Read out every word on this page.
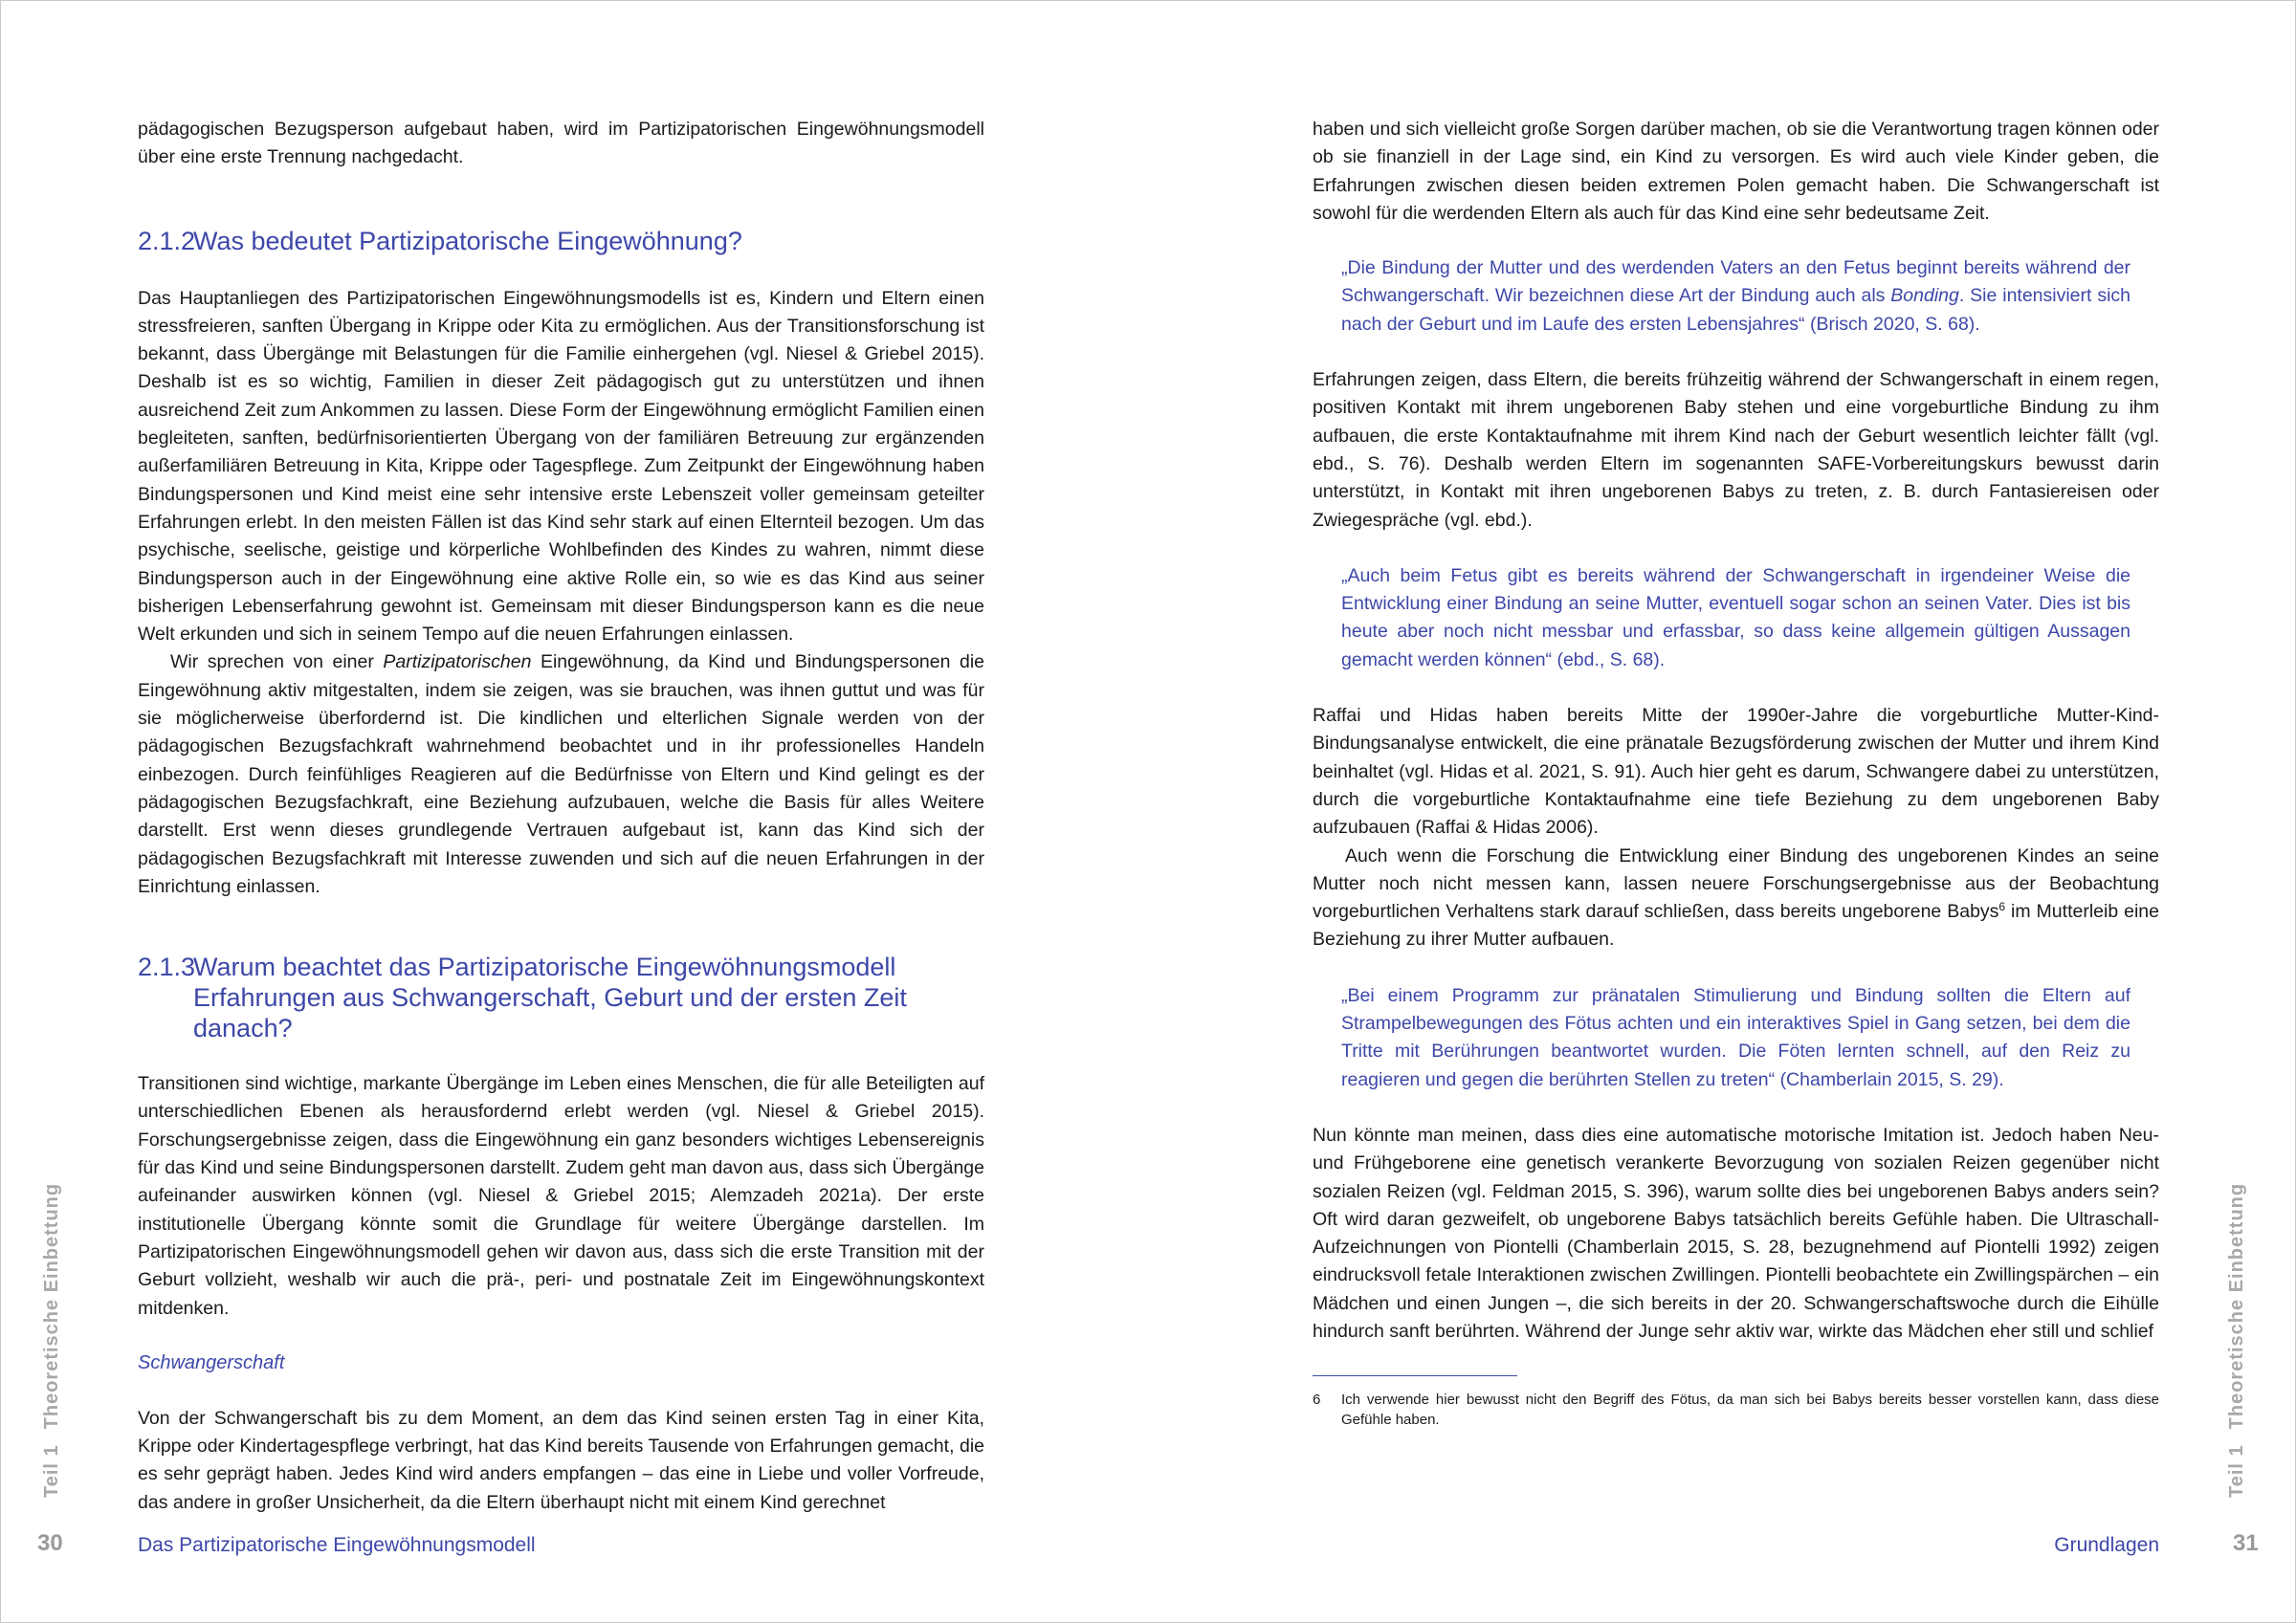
pädagogischen Bezugsperson aufgebaut haben, wird im Partizipatorischen Eingewöhnungsmodell über eine erste Trennung nachgedacht.

2.1.2Was bedeutet Partizipatorische Eingewöhnung?

Das Hauptanliegen des Partizipatorischen Eingewöhnungsmodells ist es, Kindern und Eltern einen stressfreieren, sanften Übergang in Krippe oder Kita zu ermöglichen. Aus der Transitionsforschung ist bekannt, dass Übergänge mit Belastungen für die Familie einhergehen (vgl. Niesel & Griebel 2015). Deshalb ist es so wichtig, Familien in dieser Zeit pädagogisch gut zu unterstützen und ihnen ausreichend Zeit zum Ankommen zu lassen. Diese Form der Eingewöhnung ermöglicht Familien einen begleiteten, sanften, bedürfnisorientierten Übergang von der familiären Betreuung zur ergänzenden außerfamiliären Betreuung in Kita, Krippe oder Tagespflege. Zum Zeitpunkt der Eingewöhnung haben Bindungspersonen und Kind meist eine sehr intensive erste Lebenszeit voller gemeinsam geteilter Erfahrungen erlebt. In den meisten Fällen ist das Kind sehr stark auf einen Elternteil bezogen. Um das psychische, seelische, geistige und körperliche Wohlbefinden des Kindes zu wahren, nimmt diese Bindungsperson auch in der Eingewöhnung eine aktive Rolle ein, so wie es das Kind aus seiner bisherigen Lebenserfahrung gewohnt ist. Gemeinsam mit dieser Bindungsperson kann es die neue Welt erkunden und sich in seinem Tempo auf die neuen Erfahrungen einlassen.

Wir sprechen von einer Partizipatorischen Eingewöhnung, da Kind und Bindungspersonen die Eingewöhnung aktiv mitgestalten, indem sie zeigen, was sie brauchen, was ihnen guttut und was für sie möglicherweise überfordernd ist. Die kindlichen und elterlichen Signale werden von der pädagogischen Bezugsfachkraft wahrnehmend beobachtet und in ihr professionelles Handeln einbezogen. Durch feinfühliges Reagieren auf die Bedürfnisse von Eltern und Kind gelingt es der pädagogischen Bezugsfachkraft, eine Beziehung aufzubauen, welche die Basis für alles Weitere darstellt. Erst wenn dieses grundlegende Vertrauen aufgebaut ist, kann das Kind sich der pädagogischen Bezugsfachkraft mit Interesse zuwenden und sich auf die neuen Erfahrungen in der Einrichtung einlassen.

2.1.3Warum beachtet das Partizipatorische Eingewöhnungsmodell
Erfahrungen aus Schwangerschaft, Geburt und der ersten Zeit danach?

Transitionen sind wichtige, markante Übergänge im Leben eines Menschen, die für alle Beteiligten auf unterschiedlichen Ebenen als herausfordernd erlebt werden (vgl. Niesel & Griebel 2015). Forschungsergebnisse zeigen, dass die Eingewöhnung ein ganz besonders wichtiges Lebensereignis für das Kind und seine Bindungspersonen darstellt. Zudem geht man davon aus, dass sich Übergänge aufeinander auswirken können (vgl. Niesel & Griebel 2015; Alemzadeh 2021a). Der erste institutionelle Übergang könnte somit die Grundlage für weitere Übergänge darstellen. Im Partizipatorischen Eingewöhnungsmodell gehen wir davon aus, dass sich die erste Transition mit der Geburt vollzieht, weshalb wir auch die prä-, peri- und postnatale Zeit im Eingewöhnungskontext mitdenken.

Schwangerschaft

Von der Schwangerschaft bis zu dem Moment, an dem das Kind seinen ersten Tag in einer Kita, Krippe oder Kindertagespflege verbringt, hat das Kind bereits Tausende von Erfahrungen gemacht, die es sehr geprägt haben. Jedes Kind wird anders empfangen – das eine in Liebe und voller Vorfreude, das andere in großer Unsicherheit, da die Eltern überhaupt nicht mit einem Kind gerechnet

Teil 1Theoretische Einbettung
30	Das Partizipatorische Eingewöhnungsmodell

haben und sich vielleicht große Sorgen darüber machen, ob sie die Verantwortung tragen können oder ob sie finanziell in der Lage sind, ein Kind zu versorgen. Es wird auch viele Kinder geben, die Erfahrungen zwischen diesen beiden extremen Polen gemacht haben. Die Schwangerschaft ist sowohl für die werdenden Eltern als auch für das Kind eine sehr bedeutsame Zeit.

„Die Bindung der Mutter und des werdenden Vaters an den Fetus beginnt bereits während der Schwangerschaft. Wir bezeichnen diese Art der Bindung auch als Bonding. Sie intensiviert sich nach der Geburt und im Laufe des ersten Lebensjahres“ (Brisch 2020, S. 68).

Erfahrungen zeigen, dass Eltern, die bereits frühzeitig während der Schwangerschaft in einem regen, positiven Kontakt mit ihrem ungeborenen Baby stehen und eine vorgeburtliche Bindung zu ihm aufbauen, die erste Kontaktaufnahme mit ihrem Kind nach der Geburt wesentlich leichter fällt (vgl. ebd., S. 76). Deshalb werden Eltern im sogenannten SAFE-Vorbereitungskurs bewusst darin unterstützt, in Kontakt mit ihren ungeborenen Babys zu treten, z. B. durch Fantasiereisen oder Zwiegespräche (vgl. ebd.).

„Auch beim Fetus gibt es bereits während der Schwangerschaft in irgendeiner Weise die Entwicklung einer Bindung an seine Mutter, eventuell sogar schon an seinen Vater. Dies ist bis heute aber noch nicht messbar und erfassbar, so dass keine allgemein gültigen Aussagen gemacht werden können“ (ebd., S. 68).

Raffai und Hidas haben bereits Mitte der 1990er-Jahre die vorgeburtliche Mutter-Kind-Bindungsanalyse entwickelt, die eine pränatale Bezugsförderung zwischen der Mutter und ihrem Kind beinhaltet (vgl. Hidas et al. 2021, S. 91). Auch hier geht es darum, Schwangere dabei zu unterstützen, durch die vorgeburtliche Kontaktaufnahme eine tiefe Beziehung zu dem ungeborenen Baby aufzubauen (Raffai & Hidas 2006).

Auch wenn die Forschung die Entwicklung einer Bindung des ungeborenen Kindes an seine Mutter noch nicht messen kann, lassen neuere Forschungsergebnisse aus der Beobachtung vorgeburtlichen Verhaltens stark darauf schließen, dass bereits ungeborene Babys$^6$ im Mutterleib eine Beziehung zu ihrer Mutter aufbauen.

„Bei einem Programm zur pränatalen Stimulierung und Bindung sollten die Eltern auf Strampelbewegungen des Fötus achten und ein interaktives Spiel in Gang setzen, bei dem die Tritte mit Berührungen beantwortet wurden. Die Föten lernten schnell, auf den Reiz zu reagieren und gegen die berührten Stellen zu treten“ (Chamberlain 2015, S. 29).

Nun könnte man meinen, dass dies eine automatische motorische Imitation ist. Jedoch haben Neu- und Frühgeborene eine genetisch verankerte Bevorzugung von sozialen Reizen gegenüber nicht sozialen Reizen (vgl. Feldman 2015, S. 396), warum sollte dies bei ungeborenen Babys anders sein? Oft wird daran gezweifelt, ob ungeborene Babys tatsächlich bereits Gefühle haben. Die Ultraschall-Aufzeichnungen von Piontelli (Chamberlain 2015, S. 28, bezugnehmend auf Piontelli 1992) zeigen eindrucksvoll fetale Interaktionen zwischen Zwillingen. Piontelli beobachtete ein Zwillingspärchen – ein Mädchen und einen Jungen –, die sich bereits in der 20. Schwangerschaftswoche durch die Eihülle hindurch sanft berührten. Während der Junge sehr aktiv war, wirkte das Mädchen eher still und schlief

6	Ich verwende hier bewusst nicht den Begriff des Fötus, da man sich bei Babys bereits besser vorstellen kann, dass diese Gefühle haben.
Teil 1Theoretische Einbettung
Grundlagen	31
